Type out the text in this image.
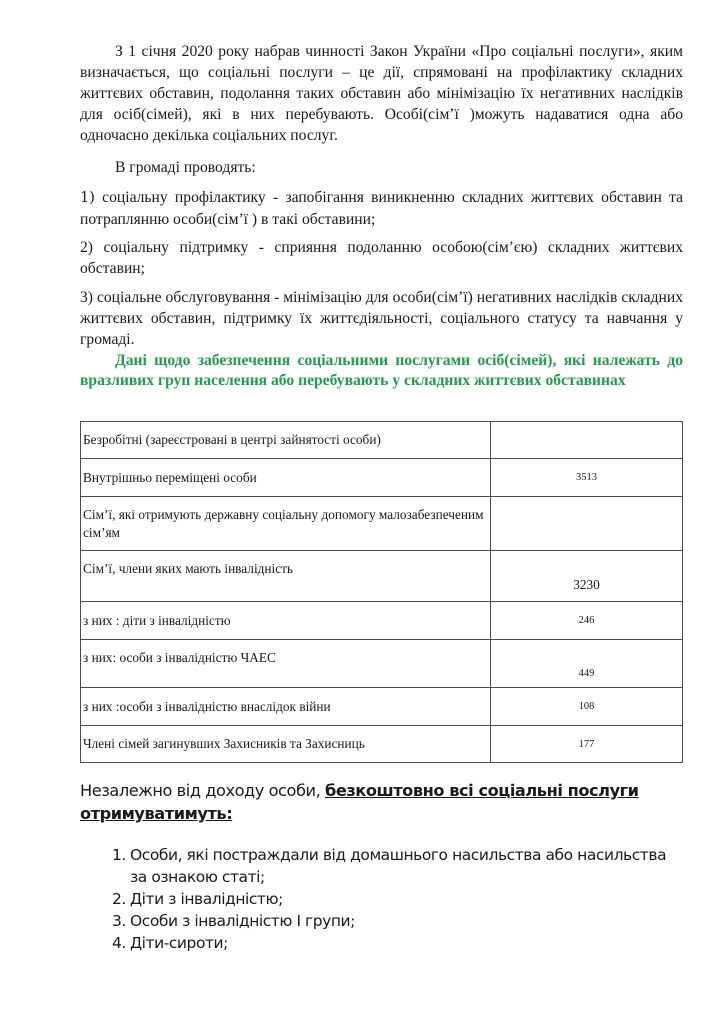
З 1 січня 2020 року набрав чинності Закон України «Про соціальні послуги», яким визначається, що соціальні послуги – це дії, спрямовані на профілактику складних життєвих обставин, подолання таких обставин або мінімізацію їх негативних наслідків для осіб(сімей), які в них перебувають. Особі(сім’ї )можуть надаватися одна або одночасно декілька соціальних послуг.

В громаді проводять:

1) соціальну профілактику - запобігання виникненню складних життєвих обставин та потраплянню особи(сім’ї ) в такі обставини;

2) соціальну підтримку - сприяння подоланню особою(сім’єю) складних життєвих обставин;

3) соціальне обслуговування - мінімізацію для особи(сім’ї) негативних наслідків складних життєвих обставин, підтримку їх життєдіяльності, соціального статусу та навчання у громаді.

Дані щодо забезпечення соціальними послугами осіб(сімей), які належать до вразливих груп населення або перебувають у складних життєвих обставинах

Безробітні (зареєстровані в центрі зайнятості особи)	
Внутрішньо переміщені особи	3513
Сім’ї, які отримують державну соціальну допомогу малозабезпеченим сім’ям	
Сім’ї, члени яких мають інвалідність	3230
з них : діти з інвалідністю	246
з них: особи з інвалідністю ЧАЕС	449
з них :особи з інвалідністю внаслідок війни	108
Члені сімей загинувших Захисників та Захисниць	177

Незалежно від доходу особи, безкоштовно всі соціальні послуги отримуватимуть:

1. Особи, які постраждали від домашнього насильства або насильства за ознакою статі;
2. Діти з інвалідністю;
3. Особи з інвалідністю І групи;
4. Діти-сироти;
